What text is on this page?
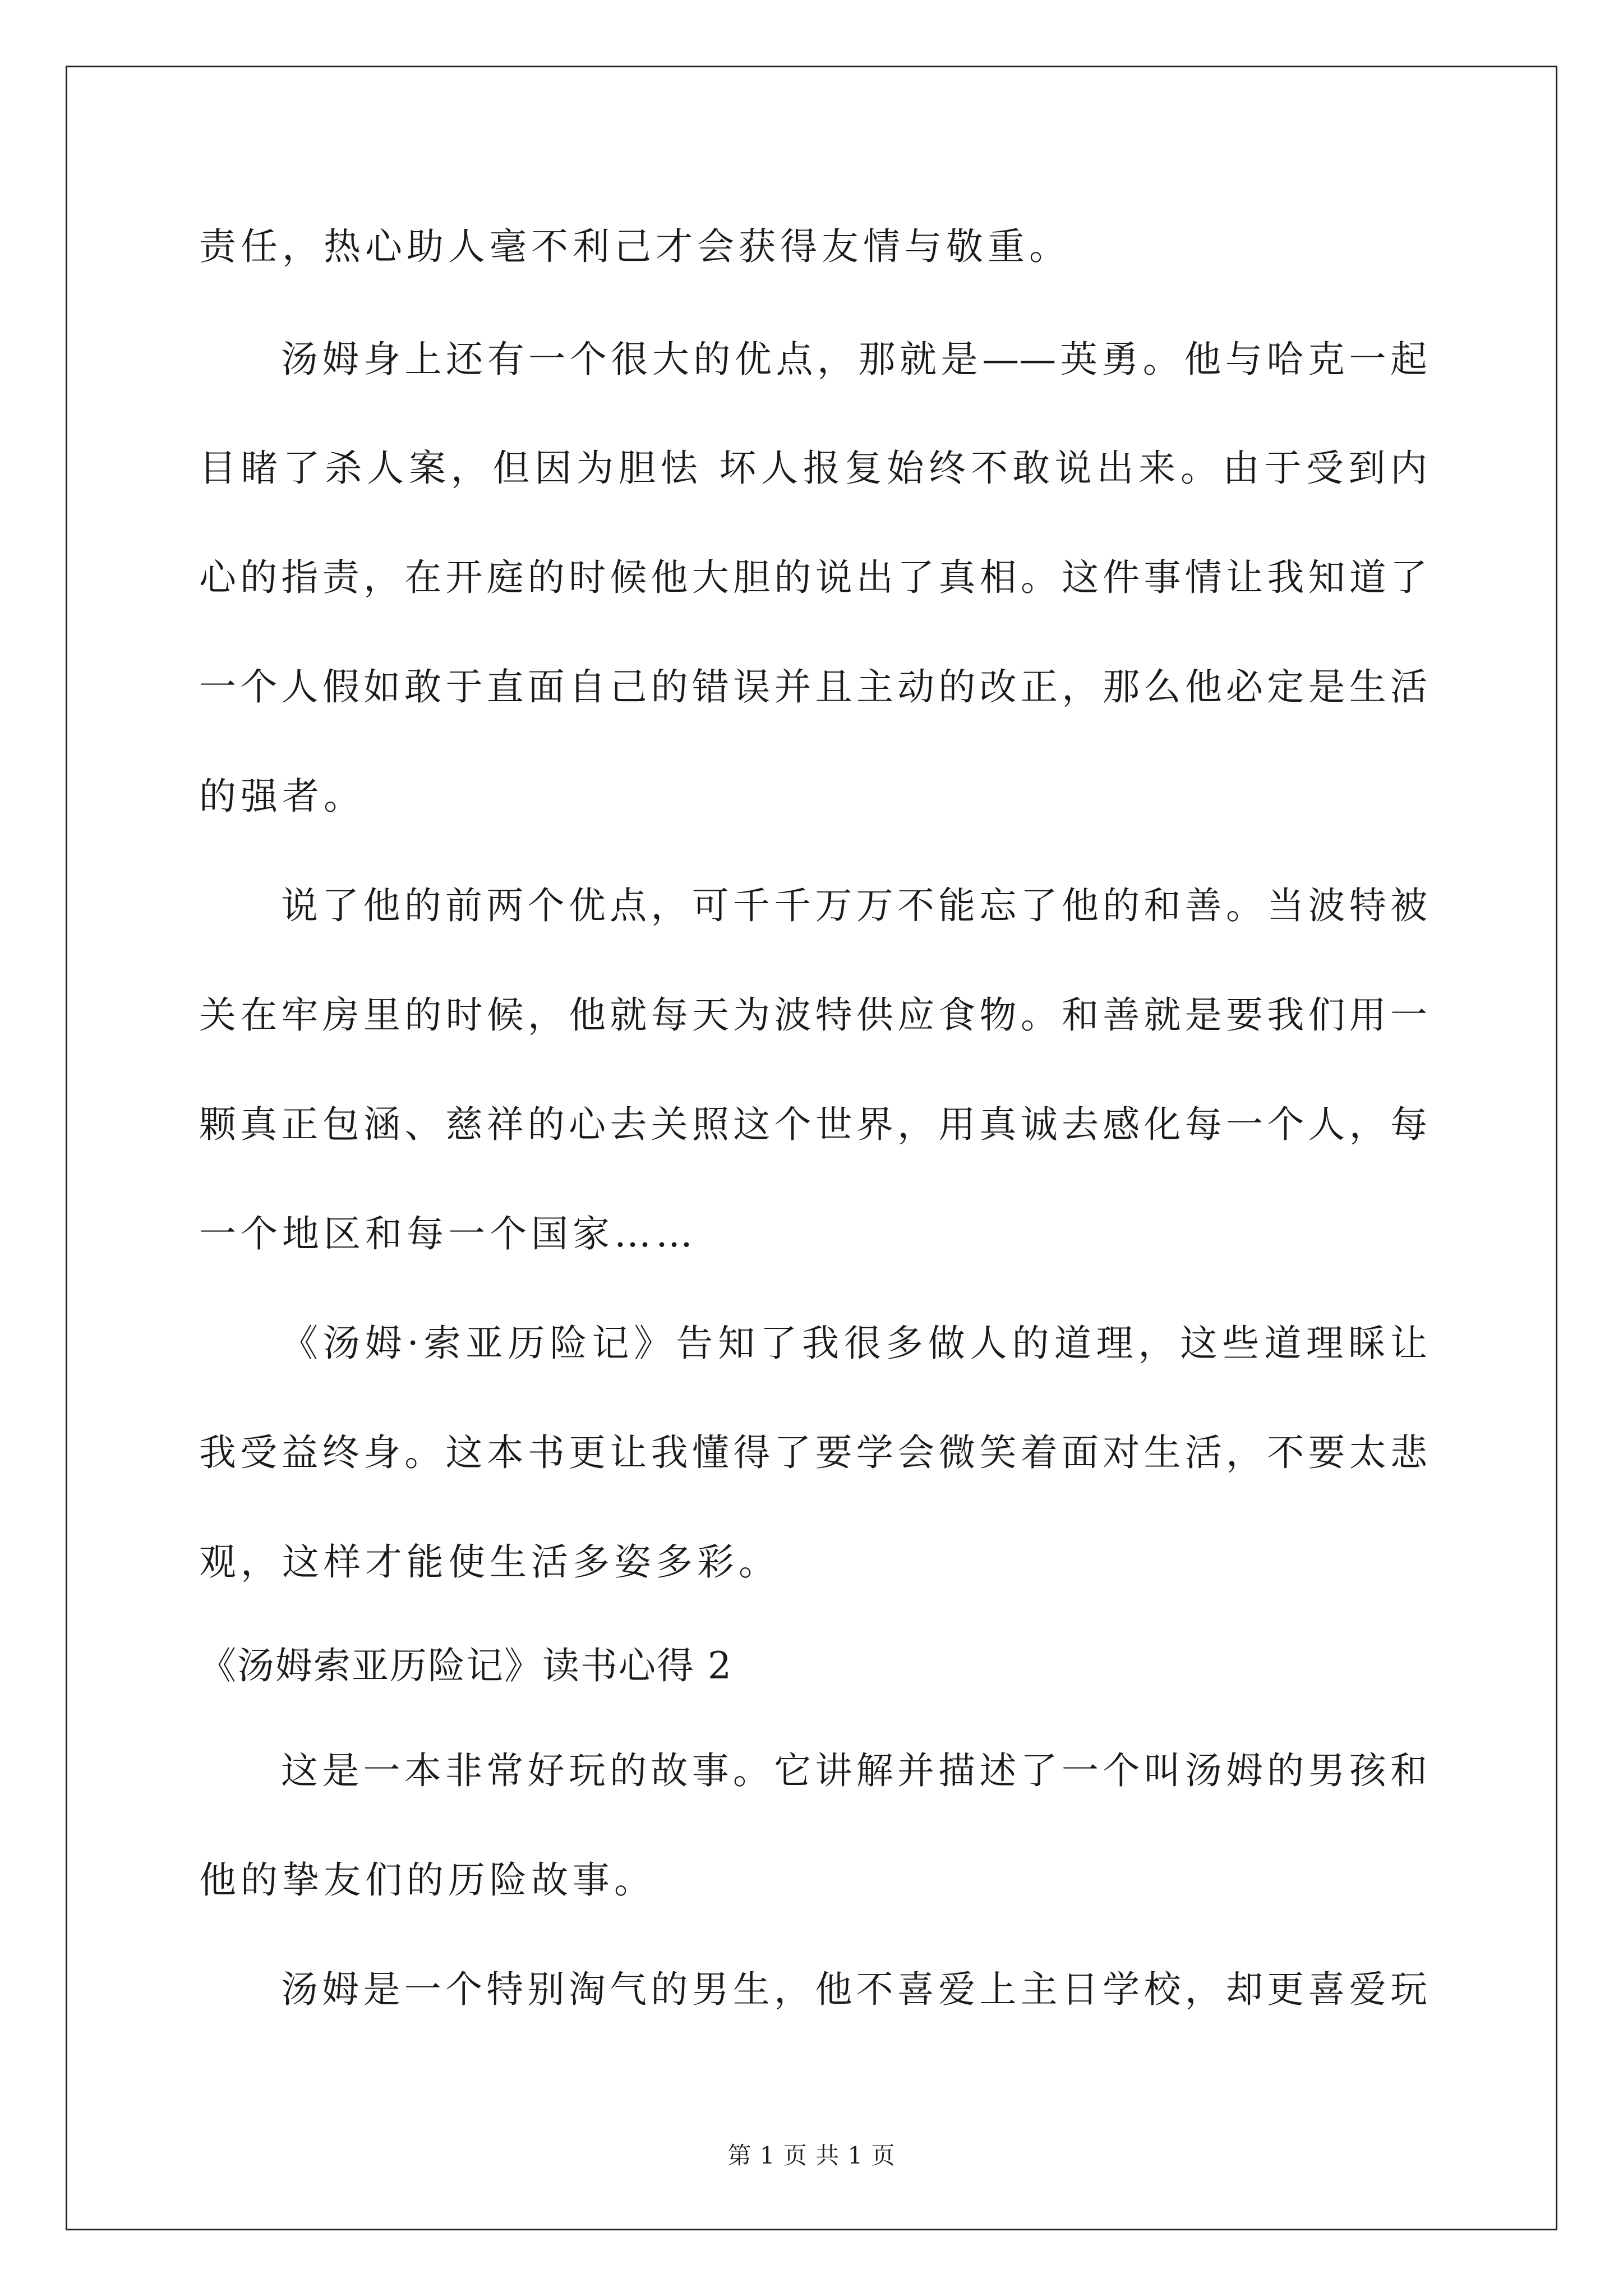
责任，热心助人毫不利己才会获得友情与敬重。
汤姆身上还有一个很大的优点，那就是——英勇。他与哈克一起
目睹了杀人案，但因为胆怯 坏人报复始终不敢说出来。由于受到内
心的指责，在开庭的时候他大胆的说出了真相。这件事情让我知道了
一个人假如敢于直面自己的错误并且主动的改正，那么他必定是生活
的强者。
说了他的前两个优点，可千千万万不能忘了他的和善。当波特被
关在牢房里的时候，他就每天为波特供应食物。和善就是要我们用一
颗真正包涵、慈祥的心去关照这个世界，用真诚去感化每一个人，每
一个地区和每一个国家……
《汤姆·索亚历险记》告知了我很多做人的道理，这些道理睬让
我受益终身。这本书更让我懂得了要学会微笑着面对生活，不要太悲
观，这样才能使生活多姿多彩。
《汤姆索亚历险记》读书心得 2
这是一本非常好玩的故事。它讲解并描述了一个叫汤姆的男孩和
他的挚友们的历险故事。
汤姆是一个特别淘气的男生，他不喜爱上主日学校，却更喜爱玩
第 1 页 共 1 页
